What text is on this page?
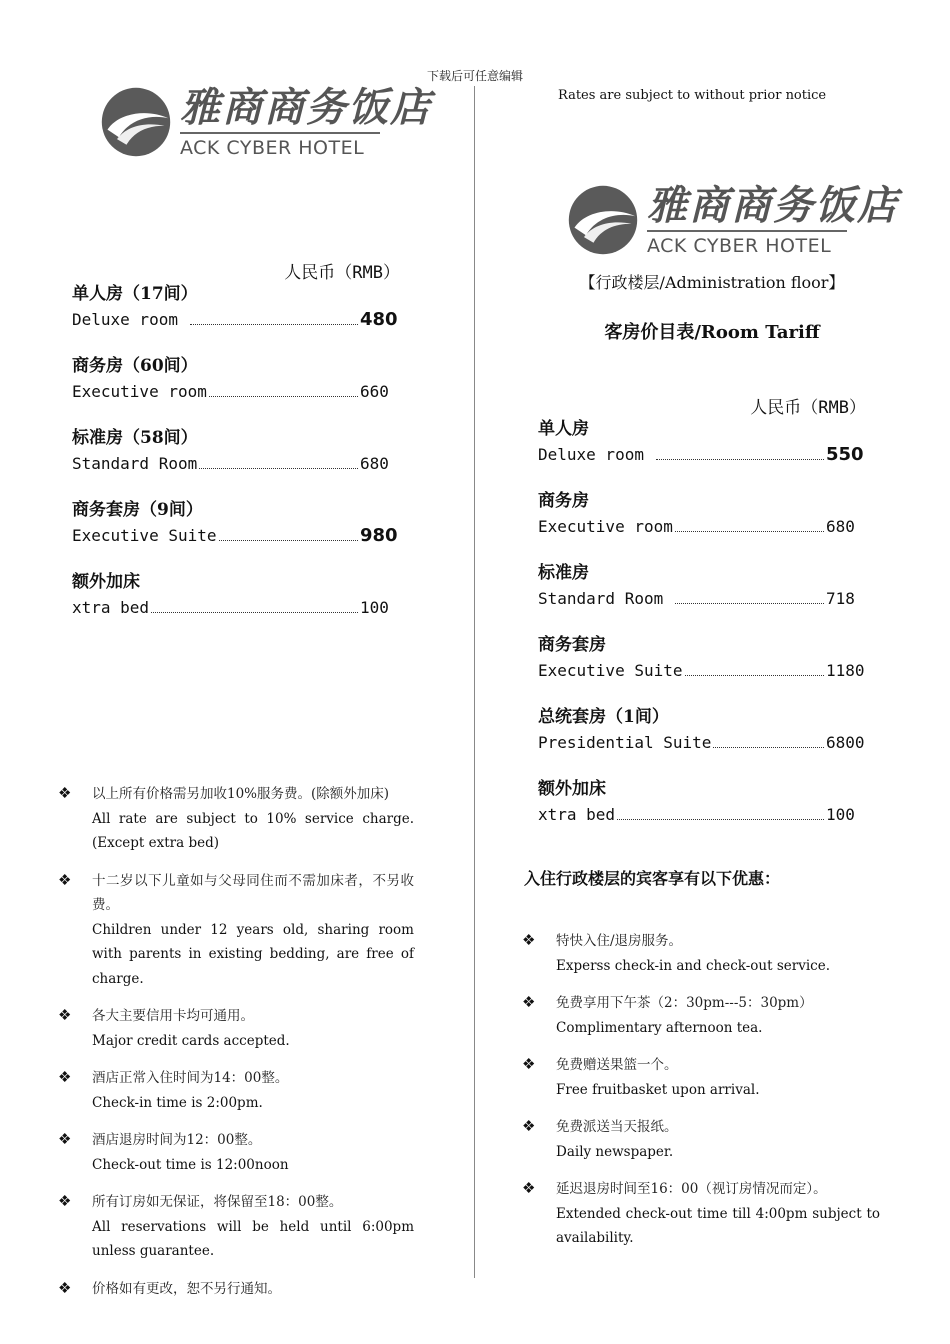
下载后可任意编辑
Rates are subject to without prior notice
雅商商务饭店
ACK CYBER HOTEL
雅商商务饭店
ACK CYBER HOTEL
【行政楼层/Administration floor】
客房价目表/Room Tariff
人民币（RMB）
单人房（17间）
Deluxe room	480
商务房（60间）
Executive room	660
标准房（58间）
Standard Room	680
商务套房（9间）
Executive Suite	980
额外加床
xtra bed	100
人民币（RMB）
单人房
Deluxe room	550
商务房
Executive room	680
标准房
Standard Room	718
商务套房
Executive Suite	1180
总统套房（1间）
Presidential Suite	6800
额外加床
xtra bed	100
❖	以上所有价格需另加收10%服务费。(除额外加床)
All rate are subject to 10% service charge. (Except extra bed)
❖	十二岁以下儿童如与父母同住而不需加床者，不另收费。
Children under 12 years old, sharing room with parents in existing bedding, are free of charge.
❖	各大主要信用卡均可通用。
Major credit cards accepted.
❖	酒店正常入住时间为14：00整。
Check-in time is 2:00pm.
❖	酒店退房时间为12：00整。
Check-out time is 12:00noon
❖	所有订房如无保证，将保留至18：00整。
All reservations will be held until 6:00pm unless guarantee.
❖	价格如有更改，恕不另行通知。
入住行政楼层的宾客享有以下优惠：
❖	特快入住/退房服务。
Experss check-in and check-out service.
❖	免费享用下午茶（2：30pm---5：30pm）
Complimentary afternoon tea.
❖	免费赠送果篮一个。
Free fruitbasket upon arrival.
❖	免费派送当天报纸。
Daily newspaper.
❖	延迟退房时间至16：00（视订房情况而定）。
Extended check-out time till 4:00pm subject to availability.
